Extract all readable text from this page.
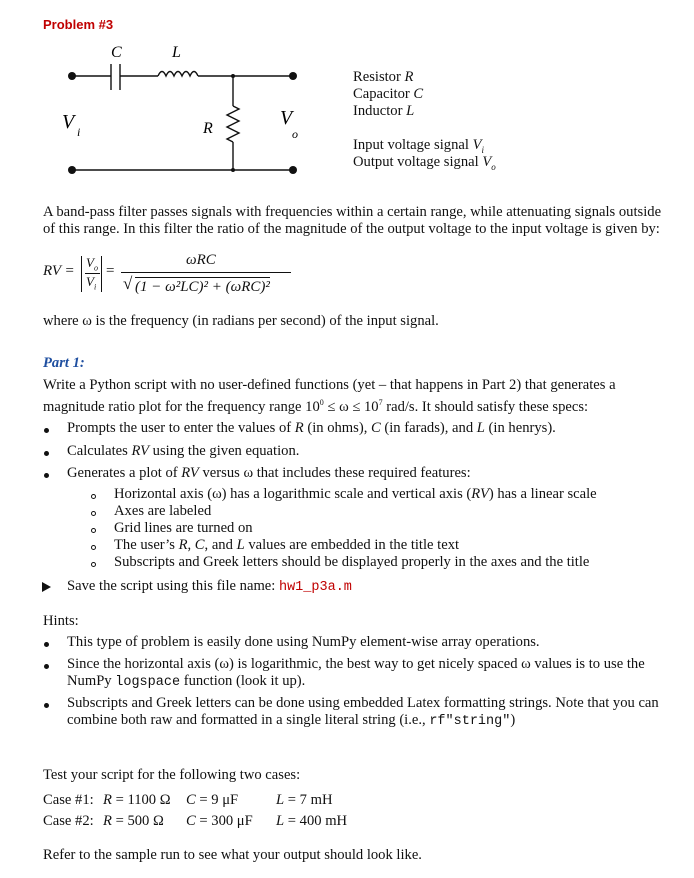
Problem #3
C	L
R
V i
V
o
Resistor R
Capacitor C
Inductor L
Input voltage signal $V_i$
Output voltage signal $V_o$
A band-pass filter passes signals with frequencies within a certain range, while attenuating signals outside
of this range. In this filter the ratio of the magnitude of the output voltage to the input voltage is given by:
RV =
$V_o$
$V_i$
=
ωRC
√ (1 − ω²LC)² + (ωRC)²
where ω is the frequency (in radians per second) of the input signal.
Part 1:
Write a Python script with no user-defined functions (yet – that happens in Part 2) that generates a
magnitude ratio plot for the frequency range $10^0 \le \omega \le 10^7$ rad/s. It should satisfy these specs:
Prompts the user to enter the values of R (in ohms), C (in farads), and L (in henrys).
Calculates RV using the given equation.
Generates a plot of RV versus ω that includes these required features:
Horizontal axis (ω) has a logarithmic scale and vertical axis (RV) has a linear scale
Axes are labeled
Grid lines are turned on
The user’s R, C, and L values are embedded in the title text
Subscripts and Greek letters should be displayed properly in the axes and the title
Save the script using this file name: hw1_p3a.m
Hints:
This type of problem is easily done using NumPy element-wise array operations.
Since the horizontal axis (ω) is logarithmic, the best way to get nicely spaced ω values is to use the
NumPy logspace function (look it up).
Subscripts and Greek letters can be done using embedded Latex formatting strings. Note that you can
combine both raw and formatted in a single literal string (i.e., rf"string")
Test your script for the following two cases:
Case #1: R = 1100 Ω C = 9 μF	L = 7 mH
Case #2: R = 500 Ω C = 300 μF L = 400 mH
Refer to the sample run to see what your output should look like.
